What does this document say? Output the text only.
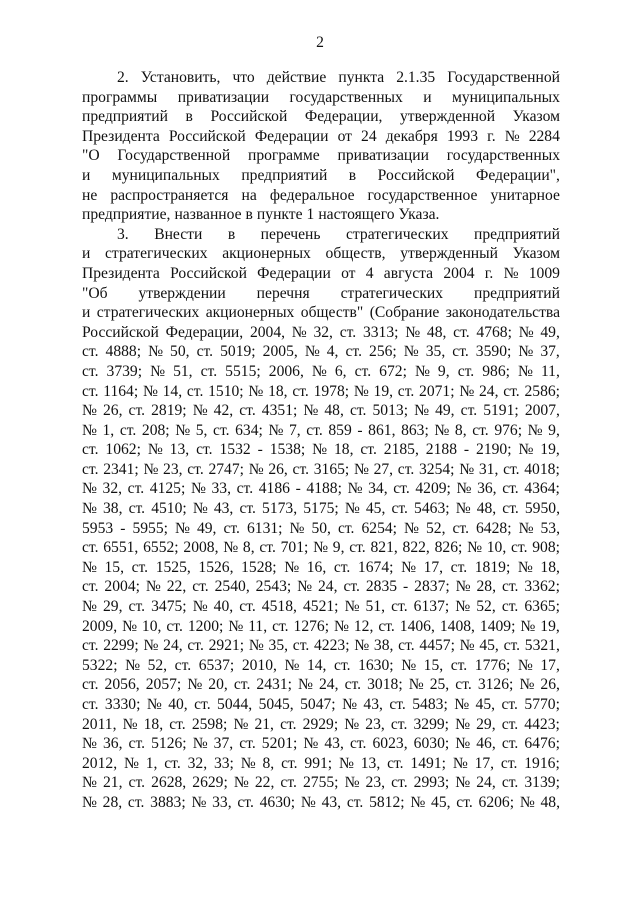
2
2. Установить, что действие пункта 2.1.35 Государственной
программы приватизации государственных и муниципальных
предприятий в Российской Федерации, утвержденной Указом
Президента Российской Федерации от 24 декабря 1993 г. № 2284
"О Государственной программе приватизации государственных
и муниципальных предприятий в Российской Федерации",
не распространяется на федеральное государственное унитарное
предприятие, названное в пункте 1 настоящего Указа.
3. Внести в перечень стратегических предприятий
и стратегических акционерных обществ, утвержденный Указом
Президента Российской Федерации от 4 августа 2004 г. № 1009
"Об утверждении перечня стратегических предприятий
и стратегических акционерных обществ" (Собрание законодательства
Российской Федерации, 2004, № 32, ст. 3313; № 48, ст. 4768; № 49,
ст. 4888; № 50, ст. 5019; 2005, № 4, ст. 256; № 35, ст. 3590; № 37,
ст. 3739; № 51, ст. 5515; 2006, № 6, ст. 672; № 9, ст. 986; № 11,
ст. 1164; № 14, ст. 1510; № 18, ст. 1978; № 19, ст. 2071; № 24, ст. 2586;
№ 26, ст. 2819; № 42, ст. 4351; № 48, ст. 5013; № 49, ст. 5191; 2007,
№ 1, ст. 208; № 5, ст. 634; № 7, ст. 859 - 861, 863; № 8, ст. 976; № 9,
ст. 1062; № 13, ст. 1532 - 1538; № 18, ст. 2185, 2188 - 2190; № 19,
ст. 2341; № 23, ст. 2747; № 26, ст. 3165; № 27, ст. 3254; № 31, ст. 4018;
№ 32, ст. 4125; № 33, ст. 4186 - 4188; № 34, ст. 4209; № 36, ст. 4364;
№ 38, ст. 4510; № 43, ст. 5173, 5175; № 45, ст. 5463; № 48, ст. 5950,
5953 - 5955; № 49, ст. 6131; № 50, ст. 6254; № 52, ст. 6428; № 53,
ст. 6551, 6552; 2008, № 8, ст. 701; № 9, ст. 821, 822, 826; № 10, ст. 908;
№ 15, ст. 1525, 1526, 1528; № 16, ст. 1674; № 17, ст. 1819; № 18,
ст. 2004; № 22, ст. 2540, 2543; № 24, ст. 2835 - 2837; № 28, ст. 3362;
№ 29, ст. 3475; № 40, ст. 4518, 4521; № 51, ст. 6137; № 52, ст. 6365;
2009, № 10, ст. 1200; № 11, ст. 1276; № 12, ст. 1406, 1408, 1409; № 19,
ст. 2299; № 24, ст. 2921; № 35, ст. 4223; № 38, ст. 4457; № 45, ст. 5321,
5322; № 52, ст. 6537; 2010, № 14, ст. 1630; № 15, ст. 1776; № 17,
ст. 2056, 2057; № 20, ст. 2431; № 24, ст. 3018; № 25, ст. 3126; № 26,
ст. 3330; № 40, ст. 5044, 5045, 5047; № 43, ст. 5483; № 45, ст. 5770;
2011, № 18, ст. 2598; № 21, ст. 2929; № 23, ст. 3299; № 29, ст. 4423;
№ 36, ст. 5126; № 37, ст. 5201; № 43, ст. 6023, 6030; № 46, ст. 6476;
2012, № 1, ст. 32, 33; № 8, ст. 991; № 13, ст. 1491; № 17, ст. 1916;
№ 21, ст. 2628, 2629; № 22, ст. 2755; № 23, ст. 2993; № 24, ст. 3139;
№ 28, ст. 3883; № 33, ст. 4630; № 43, ст. 5812; № 45, ст. 6206; № 48,
